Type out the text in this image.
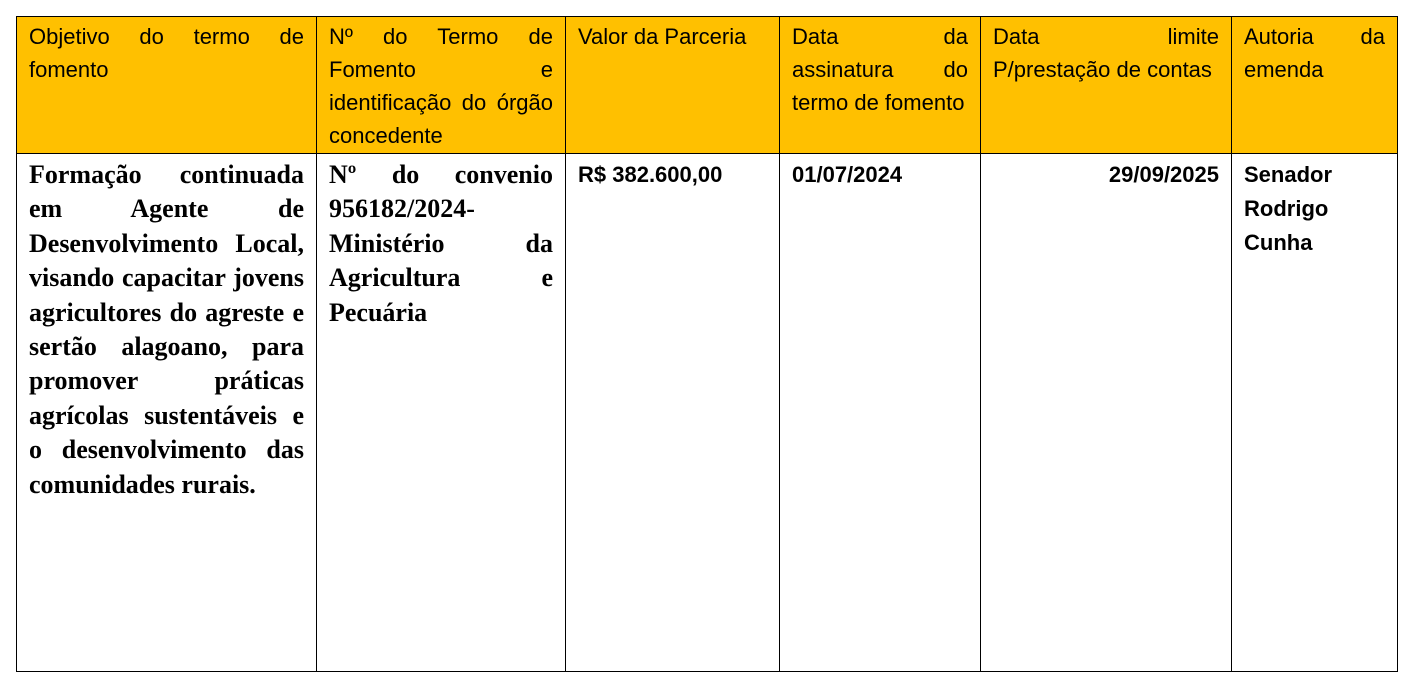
Objetivo do termo de fomento	Nº do Termo de Fomento e identificação do órgão concedente	Valor da Parceria	Data da assinatura do termo de fomento	Data limite P/prestação de contas	Autoria da emenda

Formação continuada em Agente de Desenvolvimento Local, visando capacitar jovens agricultores do agreste e sertão alagoano, para promover práticas agrícolas sustentáveis e o desenvolvimento das comunidades rurais.	Nº do convenio 956182/2024- Ministério da Agricultura e Pecuária	R$ 382.600,00	01/07/2024	29/09/2025	Senador Rodrigo Cunha
